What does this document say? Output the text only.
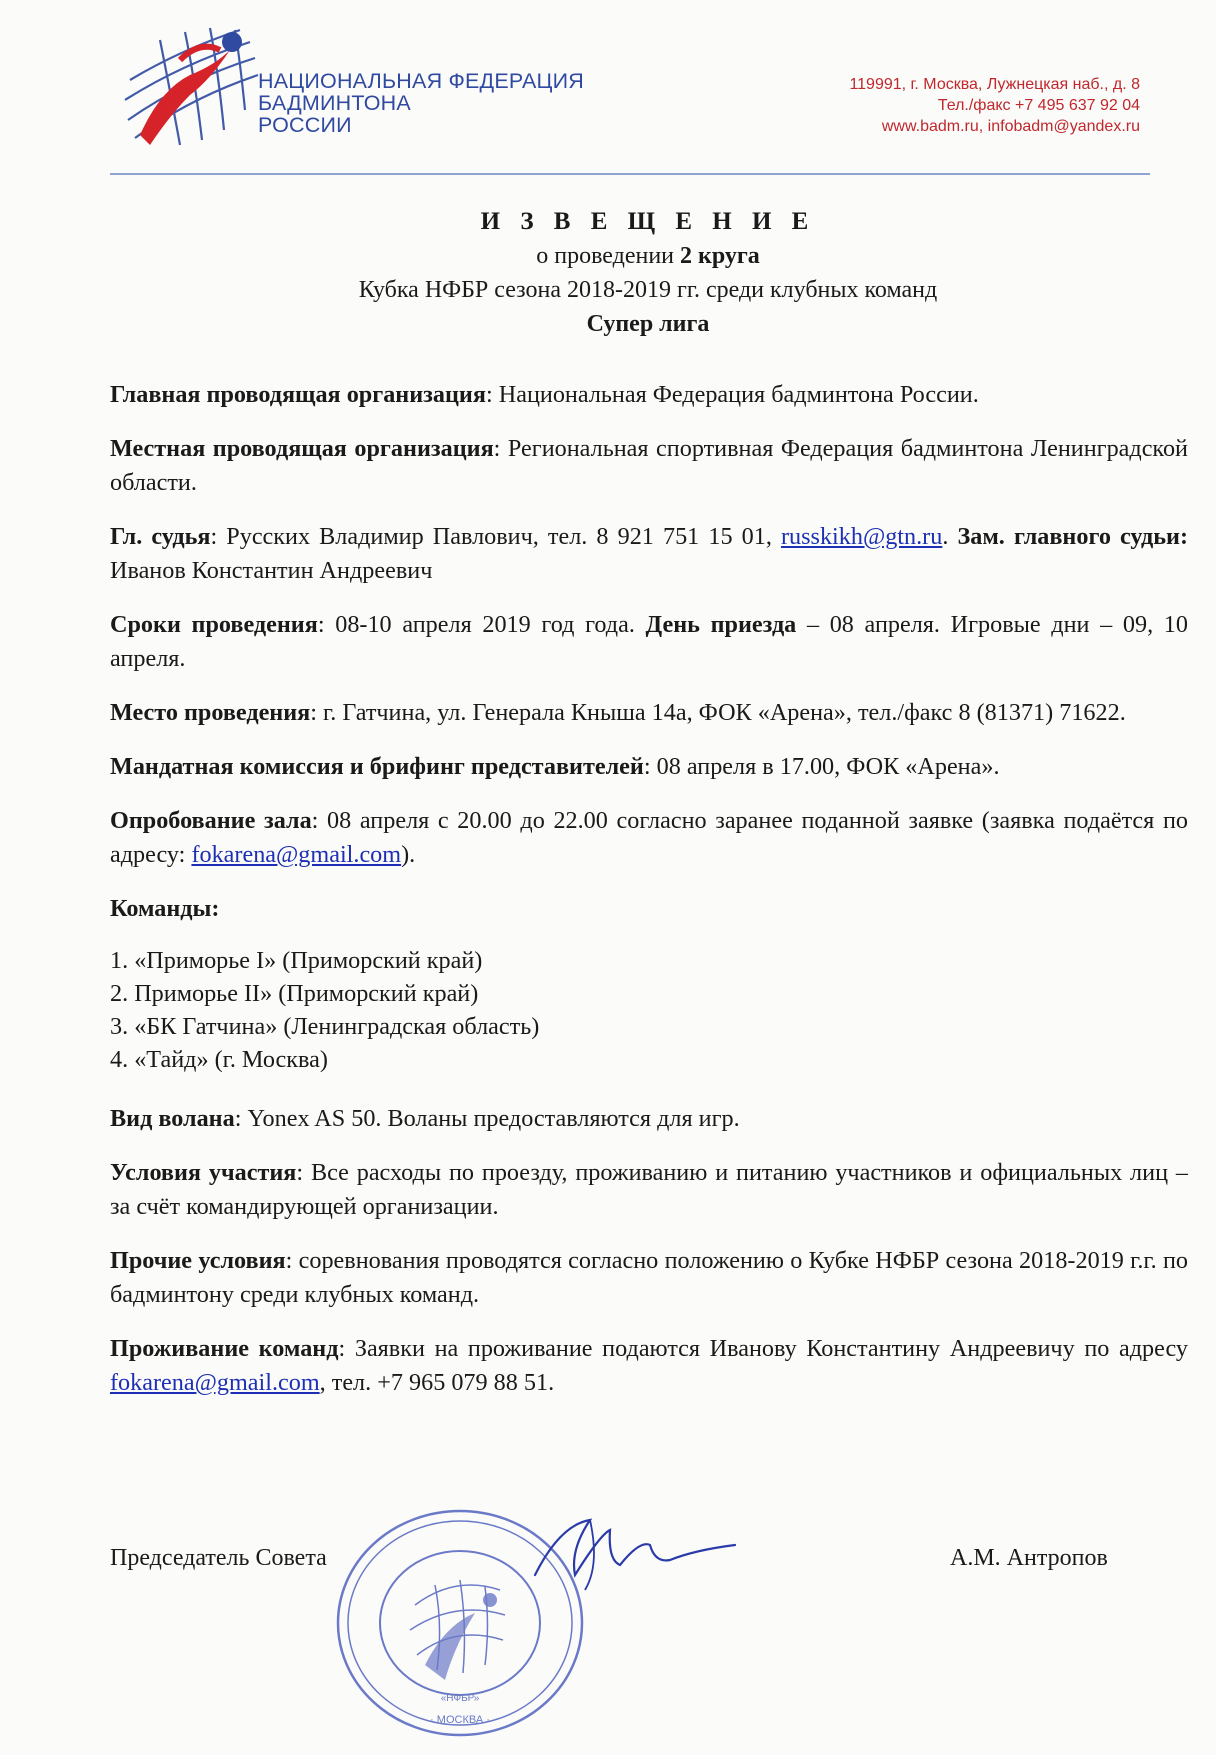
НАЦИОНАЛЬНАЯ ФЕДЕРАЦИЯ
БАДМИНТОНА
РОССИИ
119991, г. Москва, Лужнецкая наб., д. 8
Тел./факс +7 495 637 92 04
www.badm.ru, infobadm@yandex.ru
И З В Е Щ Е Н И Е
о проведении 2 круга
Кубка НФБР сезона 2018-2019 гг. среди клубных команд
Супер лига

Главная проводящая организация: Национальная Федерация бадминтона России.

Местная проводящая организация: Региональная спортивная Федерация бадминтона Ленинградской области.

Гл. судья: Русских Владимир Павлович, тел. 8 921 751 15 01, russkikh@gtn.ru. Зам. главного судьи: Иванов Константин Андреевич

Сроки проведения: 08-10 апреля 2019 год года. День приезда – 08 апреля. Игровые дни – 09, 10 апреля.

Место проведения: г. Гатчина, ул. Генерала Кныша 14а, ФОК «Арена», тел./факс 8 (81371) 71622.

Мандатная комиссия и брифинг представителей: 08 апреля в 17.00, ФОК «Арена».

Опробование зала: 08 апреля с 20.00 до 22.00 согласно заранее поданной заявке (заявка подаётся по адресу: fokarena@gmail.com).

Команды:
1. «Приморье I» (Приморский край)
2. Приморье II» (Приморский край)
3. «БК Гатчина» (Ленинградская область)
4. «Тайд» (г. Москва)

Вид волана: Yonex AS 50. Воланы предоставляются для игр.

Условия участия: Все расходы по проезду, проживанию и питанию участников и официальных лиц – за счёт командирующей организации.

Прочие условия: соревнования проводятся согласно положению о Кубке НФБР сезона 2018-2019 г.г. по бадминтону среди клубных команд.

Проживание команд: Заявки на проживание подаются Иванову Константину Андреевичу по адресу fokarena@gmail.com, тел. +7 965 079 88 51.

· МОСКВА ·
«НФБР»
Председатель Совета	А.М. Антропов
